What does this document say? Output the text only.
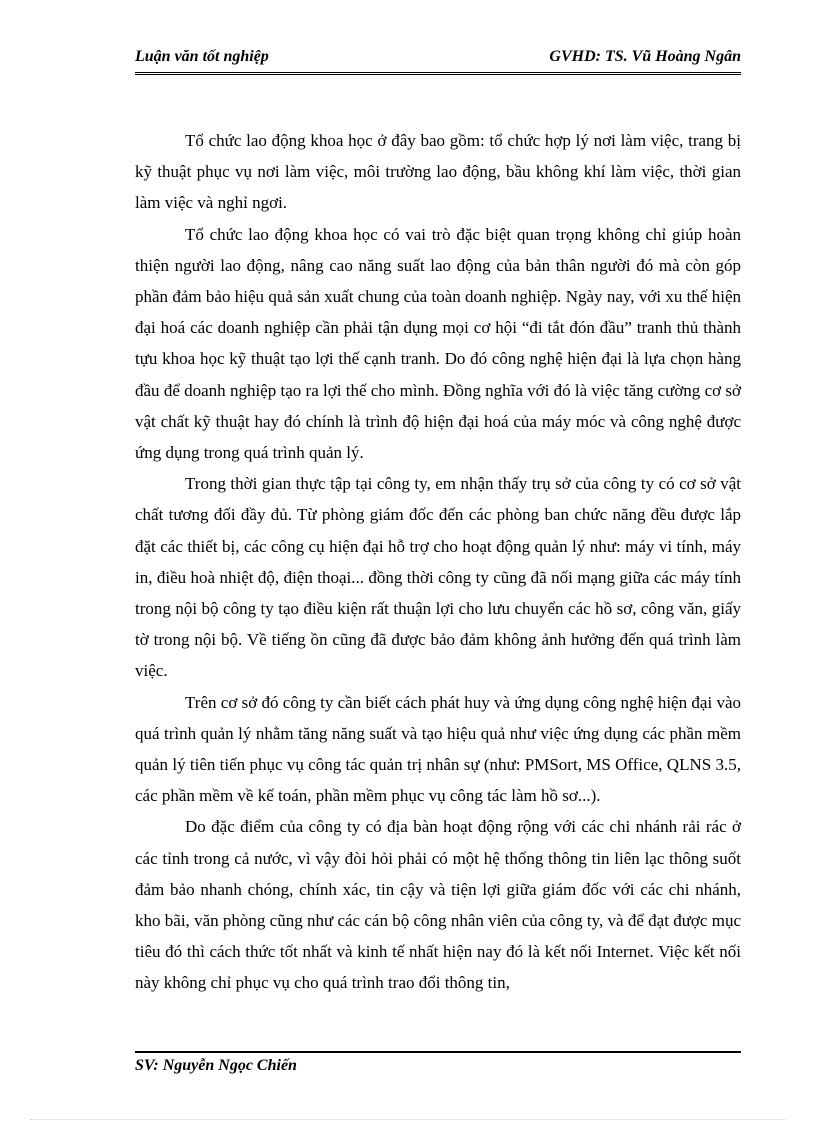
Luận văn tốt nghiệp	GVHD: TS. Vũ Hoàng Ngân

Tổ chức lao động khoa học ở đây bao gồm: tổ chức hợp lý nơi làm việc, trang bị kỹ thuật phục vụ nơi làm việc, môi trường lao động, bầu không khí làm việc, thời gian làm việc và nghỉ ngơi.

Tổ chức lao động khoa học có vai trò đặc biệt quan trọng không chỉ giúp hoàn thiện người lao động, nâng cao năng suất lao động của bản thân người đó mà còn góp phần đảm bảo hiệu quả sản xuất chung của toàn doanh nghiệp. Ngày nay, với xu thế hiện đại hoá các doanh nghiệp cần phải tận dụng mọi cơ hội “đi tắt đón đầu” tranh thủ thành tựu khoa học kỹ thuật tạo lợi thế cạnh tranh. Do đó công nghệ hiện đại là lựa chọn hàng đầu để doanh nghiệp tạo ra lợi thế cho mình. Đồng nghĩa với đó là việc tăng cường cơ sở vật chất kỹ thuật hay đó chính là trình độ hiện đại hoá của máy móc và công nghệ được ứng dụng trong quá trình quản lý.

Trong thời gian thực tập tại công ty, em nhận thấy trụ sở của công ty có cơ sở vật chất tương đối đầy đủ. Từ phòng giám đốc đến các phòng ban chức năng đều được lắp đặt các thiết bị, các công cụ hiện đại hỗ trợ cho hoạt động quản lý như: máy vi tính, máy in, điều hoà nhiệt độ, điện thoại... đồng thời công ty cũng đã nối mạng giữa các máy tính trong nội bộ công ty tạo điều kiện rất thuận lợi cho lưu chuyển các hồ sơ, công văn, giấy tờ trong nội bộ. Về tiếng ồn cũng đã được bảo đảm không ảnh hưởng đến quá trình làm việc.

Trên cơ sở đó công ty cần biết cách phát huy và ứng dụng công nghệ hiện đại vào quá trình quản lý nhằm tăng năng suất và tạo hiệu quả như việc ứng dụng các phần mềm quản lý tiên tiến phục vụ công tác quản trị nhân sự (như: PMSort, MS Office, QLNS 3.5, các phần mềm về kế toán, phần mềm phục vụ công tác làm hồ sơ...).

Do đặc điểm của công ty có địa bàn hoạt động rộng với các chi nhánh rải rác ở các tỉnh trong cả nước, vì vậy đòi hỏi phải có một hệ thống thông tin liên lạc thông suốt đảm bảo nhanh chóng, chính xác, tin cậy và tiện lợi giữa giám đốc với các chi nhánh, kho bãi, văn phòng cũng như các cán bộ công nhân viên của công ty, và để đạt được mục tiêu đó thì cách thức tốt nhất và kinh tế nhất hiện nay đó là kết nối Internet. Việc kết nối này không chỉ phục vụ cho quá trình trao đổi thông tin,

SV: Nguyễn Ngọc Chiến
